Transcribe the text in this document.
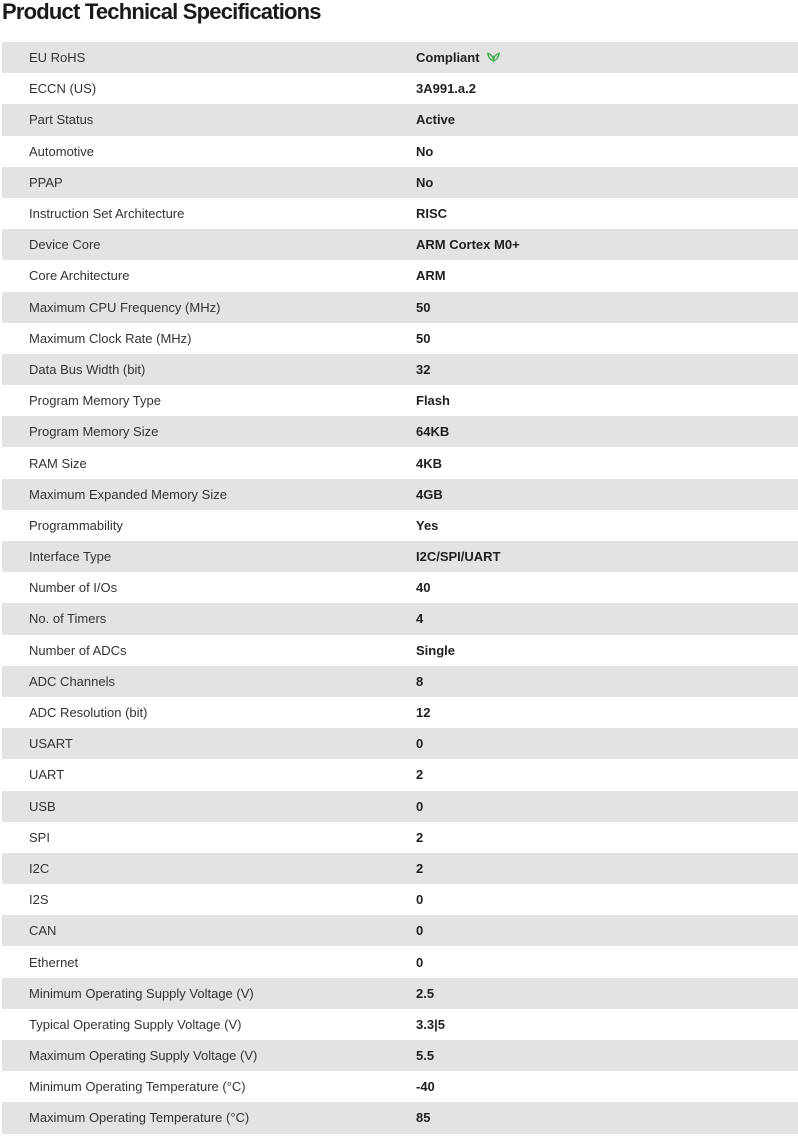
Product Technical Specifications
EU RoHS	Compliant
ECCN (US)	3A991.a.2
Part Status	Active
Automotive	No
PPAP	No
Instruction Set Architecture	RISC
Device Core	ARM Cortex M0+
Core Architecture	ARM
Maximum CPU Frequency (MHz)	50
Maximum Clock Rate (MHz)	50
Data Bus Width (bit)	32
Program Memory Type	Flash
Program Memory Size	64KB
RAM Size	4KB
Maximum Expanded Memory Size	4GB
Programmability	Yes
Interface Type	I2C/SPI/UART
Number of I/Os	40
No. of Timers	4
Number of ADCs	Single
ADC Channels	8
ADC Resolution (bit)	12
USART	0
UART	2
USB	0
SPI	2
I2C	2
I2S	0
CAN	0
Ethernet	0
Minimum Operating Supply Voltage (V)	2.5
Typical Operating Supply Voltage (V)	3.3|5
Maximum Operating Supply Voltage (V)	5.5
Minimum Operating Temperature (°C)	-40
Maximum Operating Temperature (°C)	85
